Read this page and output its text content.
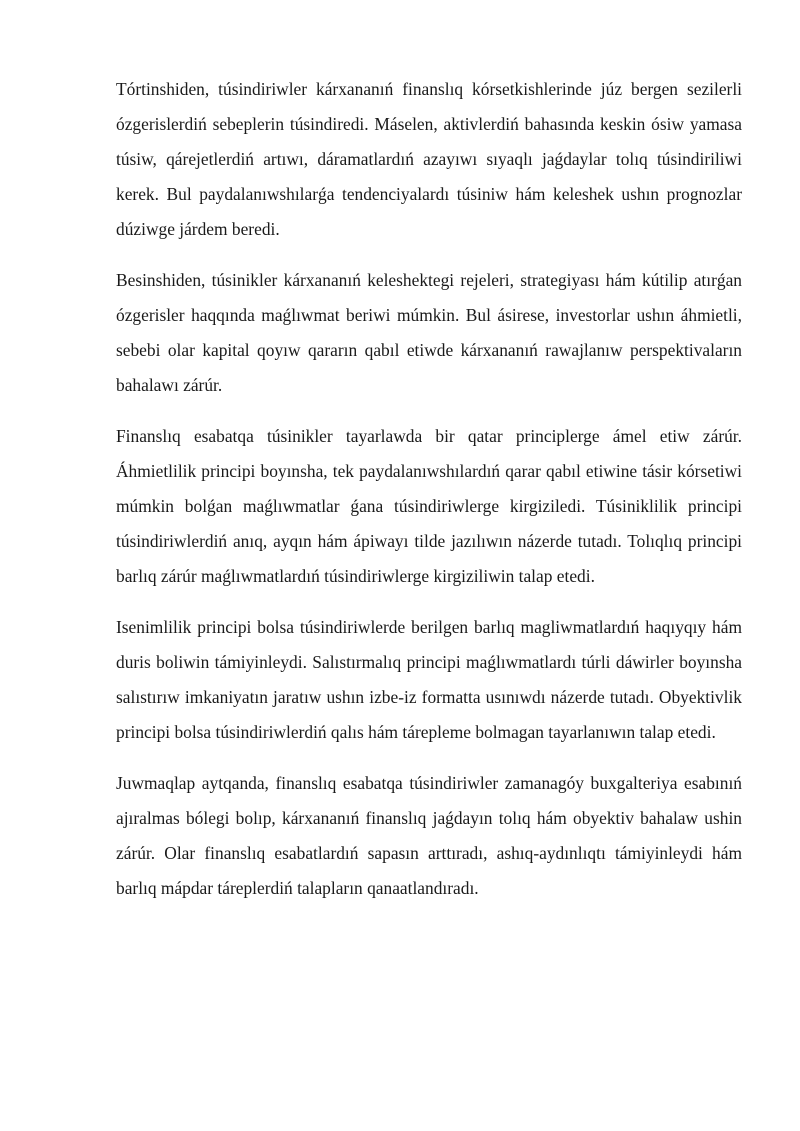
Tórtinshiden, túsindiriwler kárxananıń finanslıq kórsetkishlerinde júz bergen sezilerli ózgerislerdiń sebeplerin túsindiredi. Máselen, aktivlerdiń bahasında keskin ósiw yamasa túsiw, qárejetlerdiń artıwı, dáramatlardıń azayıwı sıyaqlı jaǵdaylar tolıq túsindiriliwi kerek. Bul paydalanıwshılarǵa tendenciyalardı túsiniw hám keleshek ushın prognozlar dúziwge járdem beredi.

Besinshiden, túsinikler kárxananıń keleshektegi rejeleri, strategiyası hám kútilip atırǵan ózgerisler haqqında maǵlıwmat beriwi múmkin. Bul ásirese, investorlar ushın áhmietli, sebebi olar kapital qoyıw qararın qabıl etiwde kárxananıń rawajlanıw perspektivaların bahalawı zárúr.

Finanslıq esabatqa túsinikler tayarlawda bir qatar principlerge ámel etiw zárúr. Áhmietlilik principi boyınsha, tek paydalanıwshılardıń qarar qabıl etiwine tásir kórsetiwi múmkin bolǵan maǵlıwmatlar ǵana túsindiriwlerge kirgiziledi. Túsiniklilik principi túsindiriwlerdiń anıq, ayqın hám ápiwayı tilde jazılıwın názerde tutadı. Tolıqlıq principi barlıq zárúr maǵlıwmatlardıń túsindiriwlerge kirgiziliwin talap etedi.

Isenimlilik principi bolsa túsindiriwlerde berilgen barlıq magliwmatlardıń haqıyqıy hám duris boliwin támiyinleydi. Salıstırmalıq principi maǵlıwmatlardı túrli dáwirler boyınsha salıstırıw imkaniyatın jaratıw ushın izbe-iz formatta usınıwdı názerde tutadı. Obyektivlik principi bolsa túsindiriwlerdiń qalıs hám tárepleme bolmagan tayarlanıwın talap etedi.

Juwmaqlap aytqanda, finanslıq esabatqa túsindiriwler zamanagóy buxgalteriya esabınıń ajıralmas bólegi bolıp, kárxananıń finanslıq jaǵdayın tolıq hám obyektiv bahalaw ushin zárúr. Olar finanslıq esabatlardıń sapasın arttıradı, ashıq-aydınlıqtı támiyinleydi hám barlıq mápdar táreplerdiń talapların qanaatlandıradı.
